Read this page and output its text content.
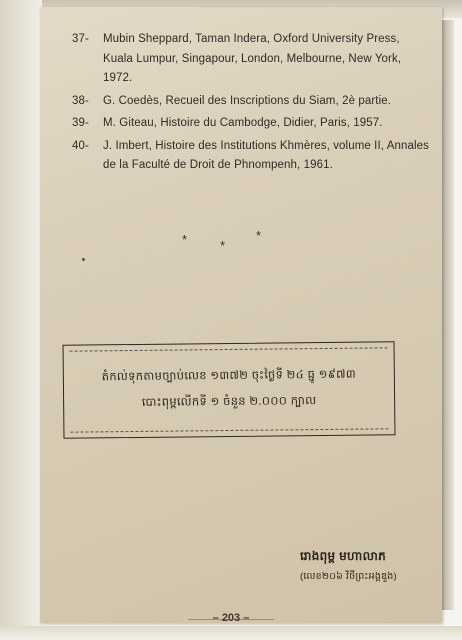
37- Mubin Sheppard, Taman Indera, Oxford University Press, Kuala Lumpur, Singapour, London, Melbourne, New York, 1972.
38- G. Coedès, Recueil des Inscriptions du Siam, 2è partie.
39- M. Giteau, Histoire du Cambodge, Didier, Paris, 1957.
40- J. Imbert, Histoire des Institutions Khmères, volume II, Annales de la Faculté de Droit de Phnompenh, 1961.
*	*
*
តំកល់ទុកតាមច្បាប់លេខ ១៣៧២ ចុះថ្ងៃទី ២៤ ធ្នូ ១៩៧៣
បោះពុម្ពលើកទី ១ ចំនួន ២.០០០ ក្បាល
រោងពុម្ព មហាលាភ
(លេខ២០៦ វិថីព្រះអង្គឌួង)
– 203 –
